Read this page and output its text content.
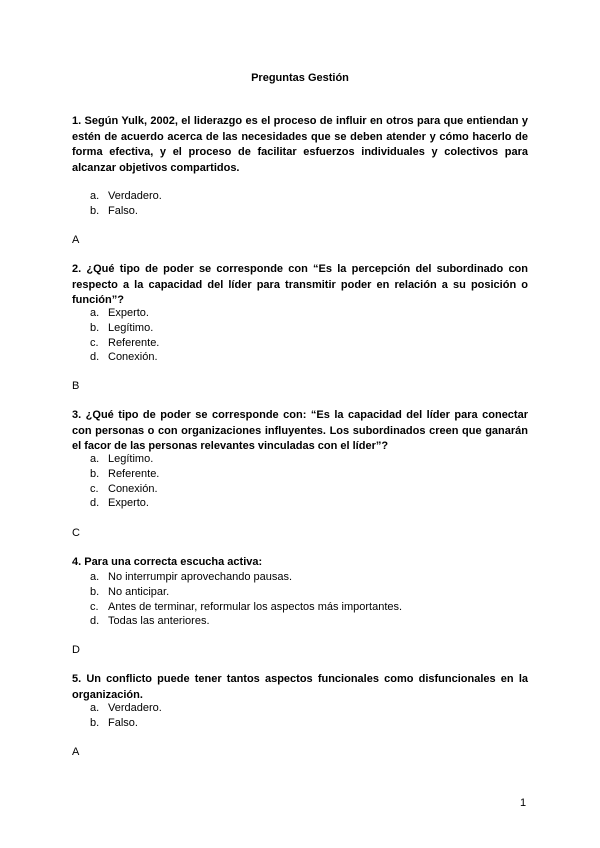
Preguntas Gestión
1. Según Yulk, 2002, el liderazgo es el proceso de influir en otros para que entiendan y estén de acuerdo acerca de las necesidades que se deben atender y cómo hacerlo de forma efectiva, y el proceso de facilitar esfuerzos individuales y colectivos para alcanzar objetivos compartidos.
a. Verdadero.
b. Falso.
A
2. ¿Qué tipo de poder se corresponde con “Es la percepción del subordinado con respecto a la capacidad del líder para transmitir poder en relación a su posición o función”?
a. Experto.
b. Legítimo.
c. Referente.
d. Conexión.
B
3. ¿Qué tipo de poder se corresponde con: “Es la capacidad del líder para conectar con personas o con organizaciones influyentes. Los subordinados creen que ganarán el facor de las personas relevantes vinculadas con el líder”?
a. Legítimo.
b. Referente.
c. Conexión.
d. Experto.
C
4. Para una correcta escucha activa:
a. No interrumpir aprovechando pausas.
b. No anticipar.
c. Antes de terminar, reformular los aspectos más importantes.
d. Todas las anteriores.
D
5. Un conflicto puede tener tantos aspectos funcionales como disfuncionales en la organización.
a. Verdadero.
b. Falso.
A
1
